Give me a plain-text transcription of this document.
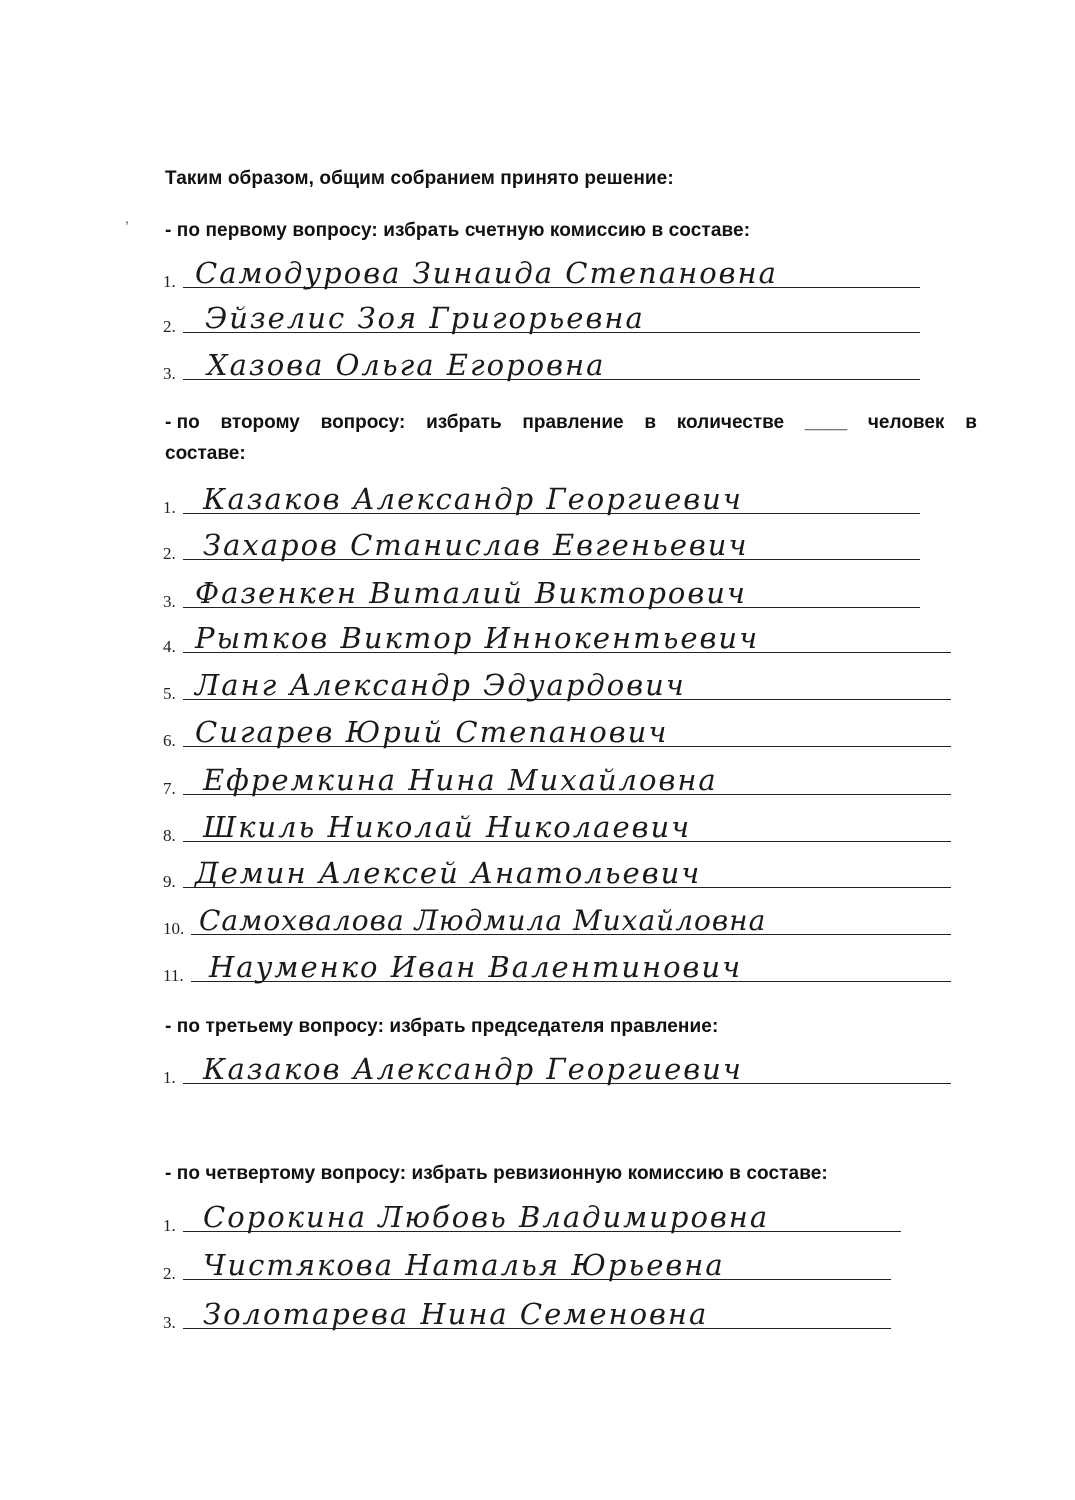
Таким образом, общим собранием принято решение:
,
- по первому вопросу: избрать счетную комиссию в составе:
1. Самодурова Зинаида Степановна
2. Эйзелис Зоя Григорьевна
3. Хазова Ольга Егоровна
- по второму вопросу: избрать правление в количестве ____ человек в
составе:
1. Казаков Александр Георгиевич
2. Захаров Станислав Евгеньевич
3. Фазенкен Виталий Викторович
4. Рытков Виктор Иннокентьевич
5. Ланг Александр Эдуардович
6. Сигарев Юрий Степанович
7. Ефремкина Нина Михайловна
8. Шкиль Николай Николаевич
9. Демин Алексей Анатольевич
10. Самохвалова Людмила Михайловна
11. Науменко Иван Валентинович
- по третьему вопросу: избрать председателя правление:
1. Казаков Александр Георгиевич
- по четвертому вопросу: избрать ревизионную комиссию в составе:
1. Сорокина Любовь Владимировна
2. Чистякова Наталья Юрьевна
3. Золотарева Нина Семеновна
